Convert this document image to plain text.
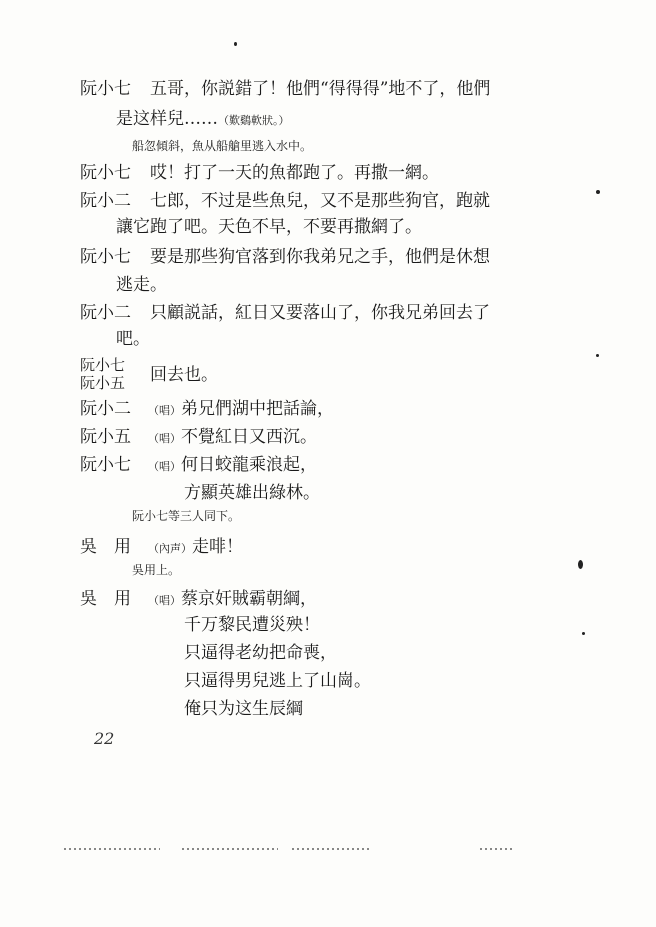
阮小七 五哥，你説錯了！他們“得得得”地不了，他們
是这样兒……（歎鷄軟狀。）
船忽傾斜，魚从船艙里逃入水中。
阮小七 哎！打了一天的魚都跑了。再撒一網。
阮小二 七郎，不过是些魚兒，又不是那些狗官，跑就
讓它跑了吧。天色不早，不要再撒網了。
阮小七 要是那些狗官落到你我弟兄之手，他們是休想
逃走。
阮小二 只顧説話，紅日又要落山了，你我兄弟回去了
吧。
阮小七
阮小五 回去也。
阮小二 （唱）弟兄們湖中把話論，
阮小五 （唱）不覺紅日又西沉。
阮小七 （唱）何日蛟龍乘浪起，
方顯英雄出綠林。
阮小七等三人同下。
吳　用 （內声）走啡！
吳用上。
吳　用 （唱）蔡京奸賊霸朝綱，
千万黎民遭災殃！
只逼得老幼把命喪，
只逼得男兒逃上了山崗。
俺只为这生辰綱
22
